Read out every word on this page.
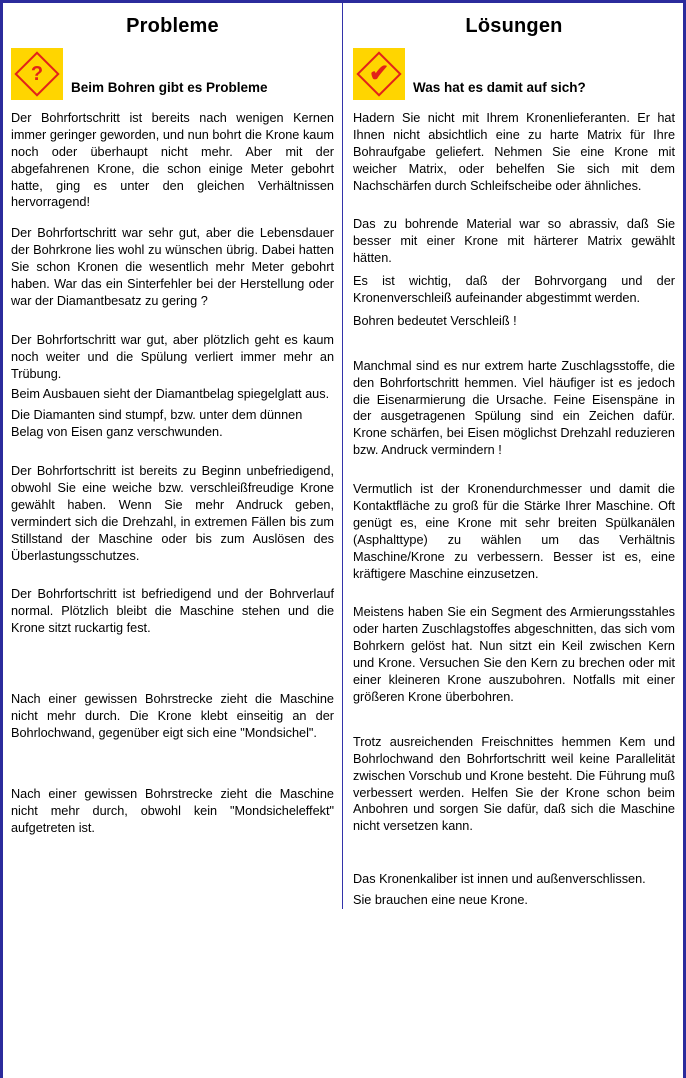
Probleme
?
Beim Bohren gibt es Probleme

Der Bohrfortschritt ist bereits nach wenigen Kernen immer geringer geworden, und nun bohrt die Krone kaum noch oder überhaupt nicht mehr. Aber mit der abgefahrenen Krone, die schon einige Meter gebohrt hatte, ging es unter den gleichen Verhältnissen hervorragend!

Der Bohrfortschritt war sehr gut, aber die Lebensdauer der Bohrkrone lies wohl zu wünschen übrig. Dabei hatten Sie schon Kronen die wesentlich mehr Meter gebohrt haben. War das ein Sinterfehler bei der Herstellung oder war der Diamantbesatz zu gering ?

Der Bohrfortschritt war gut, aber plötzlich geht es kaum noch weiter und die Spülung verliert immer mehr an Trübung.

Beim Ausbauen sieht der Diamantbelag spiegelglatt aus.

Die Diamanten sind stumpf, bzw. unter dem dünnen Belag von Eisen ganz verschwunden.

Der Bohrfortschritt ist bereits zu Beginn unbefriedigend, obwohl Sie eine weiche bzw. verschleißfreudige Krone gewählt haben. Wenn Sie mehr Andruck geben, vermindert sich die Drehzahl, in extremen Fällen bis zum Stillstand der Maschine oder bis zum Auslösen des Überlastungsschutzes.

Der Bohrfortschritt ist befriedigend und der Bohrverlauf normal. Plötzlich bleibt die Maschine stehen und die Krone sitzt ruckartig fest.

Nach einer gewissen Bohrstrecke zieht die Maschine nicht mehr durch. Die Krone klebt einseitig an der Bohrlochwand, gegenüber eigt sich eine "Mondsichel".

Nach einer gewissen Bohrstrecke zieht die Maschine nicht mehr durch, obwohl kein "Mondsicheleffekt" aufgetreten ist.

Lösungen
✔
Was hat es damit auf sich?

Hadern Sie nicht mit Ihrem Kronenlieferanten. Er hat Ihnen nicht absichtlich eine zu harte Matrix für Ihre Bohraufgabe geliefert. Nehmen Sie eine Krone mit weicher Matrix, oder behelfen Sie sich mit dem Nachschärfen durch Schleifscheibe oder ähnliches.

Das zu bohrende Material war so abrassiv, daß Sie besser mit einer Krone mit härterer Matrix gewählt hätten.

Es ist wichtig, daß der Bohrvorgang und der Kronenverschleiß aufeinander abgestimmt werden.

Bohren bedeutet Verschleiß !

Manchmal sind es nur extrem harte Zuschlagsstoffe, die den Bohrfortschritt hemmen. Viel häufiger ist es jedoch die Eisenarmierung die Ursache. Feine Eisenspäne in der ausgetragenen Spülung sind ein Zeichen dafür. Krone schärfen, bei Eisen möglichst Drehzahl reduzieren bzw. Andruck vermindern !

Vermutlich ist der Kronendurchmesser und damit die Kontaktfläche zu groß für die Stärke Ihrer Maschine. Oft genügt es, eine Krone mit sehr breiten Spülkanälen (Asphalttype) zu wählen um das Verhältnis Maschine/Krone zu verbessern. Besser ist es, eine kräftigere Maschine einzusetzen.

Meistens haben Sie ein Segment des Armierungsstahles oder harten Zuschlagstoffes abgeschnitten, das sich vom Bohrkern gelöst hat. Nun sitzt ein Keil zwischen Kern und Krone. Versuchen Sie den Kern zu brechen oder mit einer kleineren Krone auszubohren. Notfalls mit einer größeren Krone überbohren.

Trotz ausreichenden Freischnittes hemmen Kem und Bohrlochwand den Bohrfortschritt weil keine Parallelität zwischen Vorschub und Krone besteht. Die Führung muß verbessert werden. Helfen Sie der Krone schon beim Anbohren und sorgen Sie dafür, daß sich die Maschine nicht versetzen kann.

Das Kronenkaliber ist innen und außenverschlissen.

Sie brauchen eine neue Krone.
